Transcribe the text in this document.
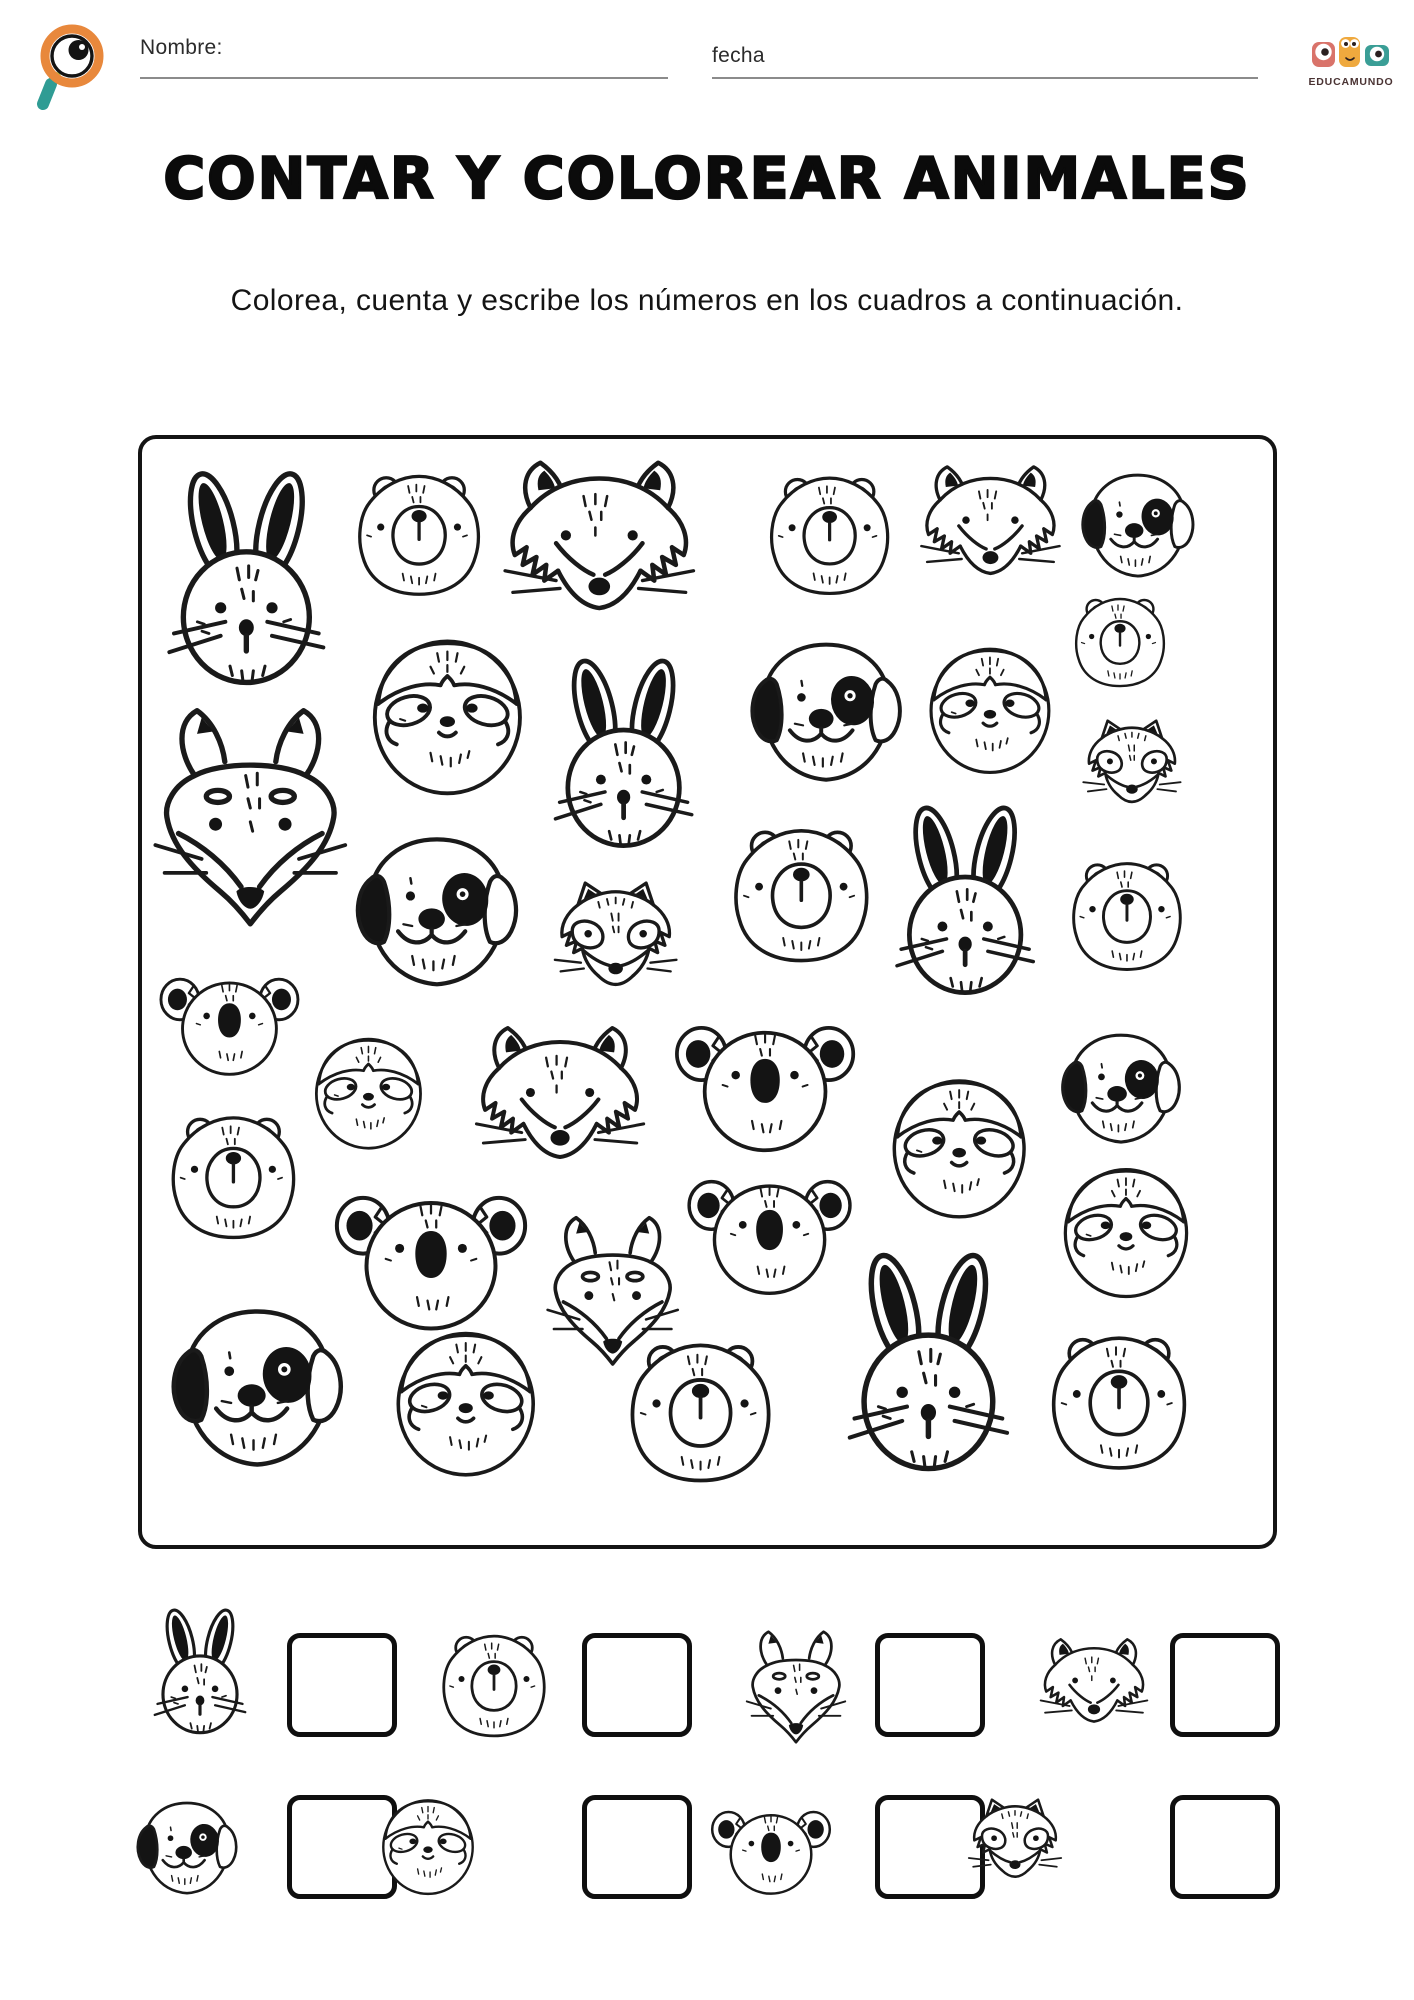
Nombre:	fecha
EDUCAMUNDO
CONTAR Y COLOREAR ANIMALES
Colorea, cuenta y escribe los números en los cuadros a continuación.
